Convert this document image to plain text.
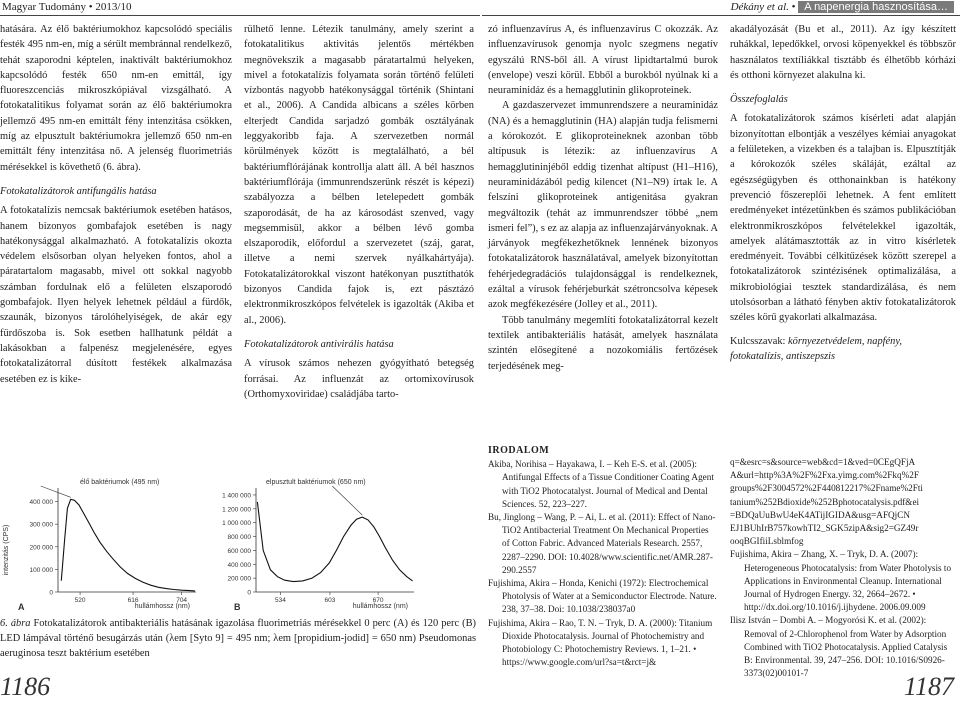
Magyar Tudomány • 2013/10	Dékány et al. • A napenergia hasznosítása…

hatására. Az élő baktériumokhoz kapcsolódó speciális festék 495 nm-en, míg a sérült membránnal rendelkező, tehát szaporodni képtelen, inaktivált baktériumokhoz kapcsolódó festék 650 nm-en emittál, így fluoreszcenciás mikroszkópiával vizsgálható. A fotokatalitikus folyamat során az élő baktériumokra jellemző 495 nm-en emittált fény intenzitása csökken, míg az elpusztult baktériumokra jellemző 650 nm-en emittált fény intenzitása nő. A jelenség fluorimetriás mérésekkel is követhető (6. ábra).

Fotokatalizátorok antifungális hatása

A fotokatalízis nemcsak baktériumok esetében hatásos, hanem bizonyos gombafajok esetében is nagy hatékonysággal alkalmazható. A fotokatalízis okozta védelem elsősorban olyan helyeken fontos, ahol a páratartalom magasabb, mivel ott sokkal nagyobb számban fordulnak elő a felületen elszaporodó gombafajok. Ilyen helyek lehetnek például a fürdők, szaunák, bizonyos tárolóhelyiségek, de akár egy fürdőszoba is. Sok esetben hallhatunk példát a lakásokban a falpenész megjelenésére, egyes fotokatalizátorral dúsított festékek alkalmazása esetében ez is kike-

rülhető lenne. Létezik tanulmány, amely szerint a fotokatalitikus aktivitás jelentős mértékben megnövekszik a magasabb páratartalmú helyeken, mivel a fotokatalízis folyamata során történő felületi vízbontás nagyobb hatékonysággal történik (Shintani et al., 2006). A Candida albicans a széles körben elterjedt Candida sarjadzó gombák osztályának leggyakoribb faja. A szervezetben normál körülmények között is megtalálható, a bél baktériumflórájának kontrollja alatt áll. A bél hasznos baktériumflórája (immunrendszerünk részét is képezi) szabályozza a bélben letelepedett gombák szaporodását, de ha az károsodást szenved, vagy megsemmisül, akkor a bélben lévő gomba elszaporodik, előfordul a szervezetet (száj, garat, illetve a nemi szervek nyálkahártyája). Fotokatalizátorokkal viszont hatékonyan pusztíthatók bizonyos Candida fajok is, ezt pásztázó elektronmikroszkópos felvételek is igazolták (Akiba et al., 2006).

Fotokatalizátorok antivirális hatása

A vírusok számos nehezen gyógyítható betegség forrásai. Az influenzát az ortomixovírusok (Orthomyxoviridae) családjába tarto-

zó influenzavírus A, és influenzavírus C okozzák. Az influenzavírusok genomja nyolc szegmens negatív egyszálú RNS-ből áll. A vírust lipidtartalmú burok (envelope) veszi körül. Ebből a burokból nyúlnak ki a neuraminidáz és a hemagglutinin glikoproteinek.

A gazdaszervezet immunrendszere a neuraminidáz (NA) és a hemagglutinin (HA) alapján tudja felismerni a kórokozót. E glikoproteineknek azonban több altípusuk is létezik: az influenzavírus A hemagglutininjéből eddig tizenhat altípust (H1–H16), neuraminidázából pedig kilencet (N1–N9) írtak le. A felszíni glikoproteinek antigenitása gyakran megváltozik (tehát az immunrendszer többé „nem ismeri fel”), s ez az alapja az influenzajárványoknak. A járványok megfékezhetőknek lennének bizonyos fotokatalizátorok használatával, amelyek bizonyítottan fehérjedegradációs tulajdonsággal is rendelkeznek, ezáltal a vírusok fehérjeburkát szétroncsolva képesek azok megfékezésére (Jolley et al., 2011).

Több tanulmány megemlíti fotokatalizátorral kezelt textilek antibakteriális hatását, amelyek használata szintén elősegítené a nozokomiális fertőzések terjedésének meg-

akadályozását (Bu et al., 2011). Az így készített ruhákkal, lepedőkkel, orvosi köpenyekkel és többször használatos textíliákkal tisztább és élhetőbb kórházi és otthoni környezet alakulna ki.

Összefoglalás

A fotokatalizátorok számos kísérleti adat alapján bizonyítottan elbontják a veszélyes kémiai anyagokat a felületeken, a vizekben és a talajban is. Elpusztítják a kórokozók széles skáláját, ezáltal az egészségügyben és otthonainkban is hatékony prevenció főszereplői lehetnek. A fent említett eredményeket intézetünkben és számos publikációban elektronmikroszkópos felvételekkel igazolták, amelyek alátámasztották az in vitro kísérletek eredményeit. További célkitűzések között szerepel a fotokatalizátorok szintézisének optimalizálása, a mikrobiológiai tesztek standardizálása, és nem utolsósorban a látható fényben aktív fotokatalizátorok széles körű gyakorlati alkalmazása.

Kulcsszavak: környezetvédelem, napfény, fotokatalízis, antiszepszis

IRODALOM
Akiba, Norihisa – Hayakawa, I. – Keh E-S. et al. (2005): Antifungal Effects of a Tissue Conditioner Coating Agent with TiO2 Photocatalyst. Journal of Medical and Dental Sciences. 52, 223–227.
Bu, Jinglong – Wang, P. – Ai, L. et al. (2011): Effect of Nano-TiO2 Antibacterial Treatment On Mechanical Properties of Cotton Fabric. Advanced Materials Research. 2557, 2287–2290. DOI: 10.4028/www.scientific.net/AMR.287-290.2557
Fujishima, Akira – Honda, Kenichi (1972): Electrochemical Photolysis of Water at a Semiconductor Electrode. Nature. 238, 37–38. Doi: 10.1038/238037a0
Fujishima, Akira – Rao, T. N. – Tryk, D. A. (2000): Titanium Dioxide Photocatalysis. Journal of Photochemistry and Photobiology C: Photochemistry Reviews. 1, 1–21. • https://www.google.com/url?sa=t&rct=j&
q=&esrc=s&source=web&cd=1&ved=0CEgQFjA A&url=http%3A%2F%2Fxa.yimg.com%2Fkq%2F groups%2F3004572%2F440812217%2Fname%2Fti tanium%252Bdioxide%252Bphotocatalysis.pdf&ei =BDQaUuBwU4eK4ATijIGIDA&usg=AFQjCN EJ1BUhIrB757kowhTI2_SGK5zipA&sig2=GZ49r ooqBGIfiiLsblmfog
Fujishima, Akira – Zhang, X. – Tryk, D. A. (2007): Heterogeneous Photocatalysis: from Water Photolysis to Applications in Environmental Cleanup. International Journal of Hydrogen Energy. 32, 2664–2672. • http://dx.doi.org/10.1016/j.ijhydene. 2006.09.009
Ilisz István – Dombi A. – Mogyorósi K. et al. (2002): Removal of 2-Chlorophenol from Water by Adsorption Combined with TiO2 Photocatalysis. Applied Catalysis B: Environmental. 39, 247–256. DOI: 10.1016/S0926-3373(02)00101-7
intenzitás (CPS)
élő baktériumok (495 nm)
A	hullámhossz (nm)
0
100 000
200 000
300 000
400 000
520	616	704
elpusztult baktériumok (650 nm)
B	hullámhossz (nm)
0
200 000
400 000
600 000
800 000
1 000 000
1 200 000
1 400 000
534	603	670
6. ábra Fotokatalizátorok antibakteriális hatásának igazolása fluorimetriás mérésekkel 0 perc (A) és 120 perc (B) LED lámpával történő besugárzás után (λem [Syto 9] = 495 nm; λem [propidium-jodid] = 650 nm) Pseudomonas aeruginosa teszt baktérium esetében
1186	1187
